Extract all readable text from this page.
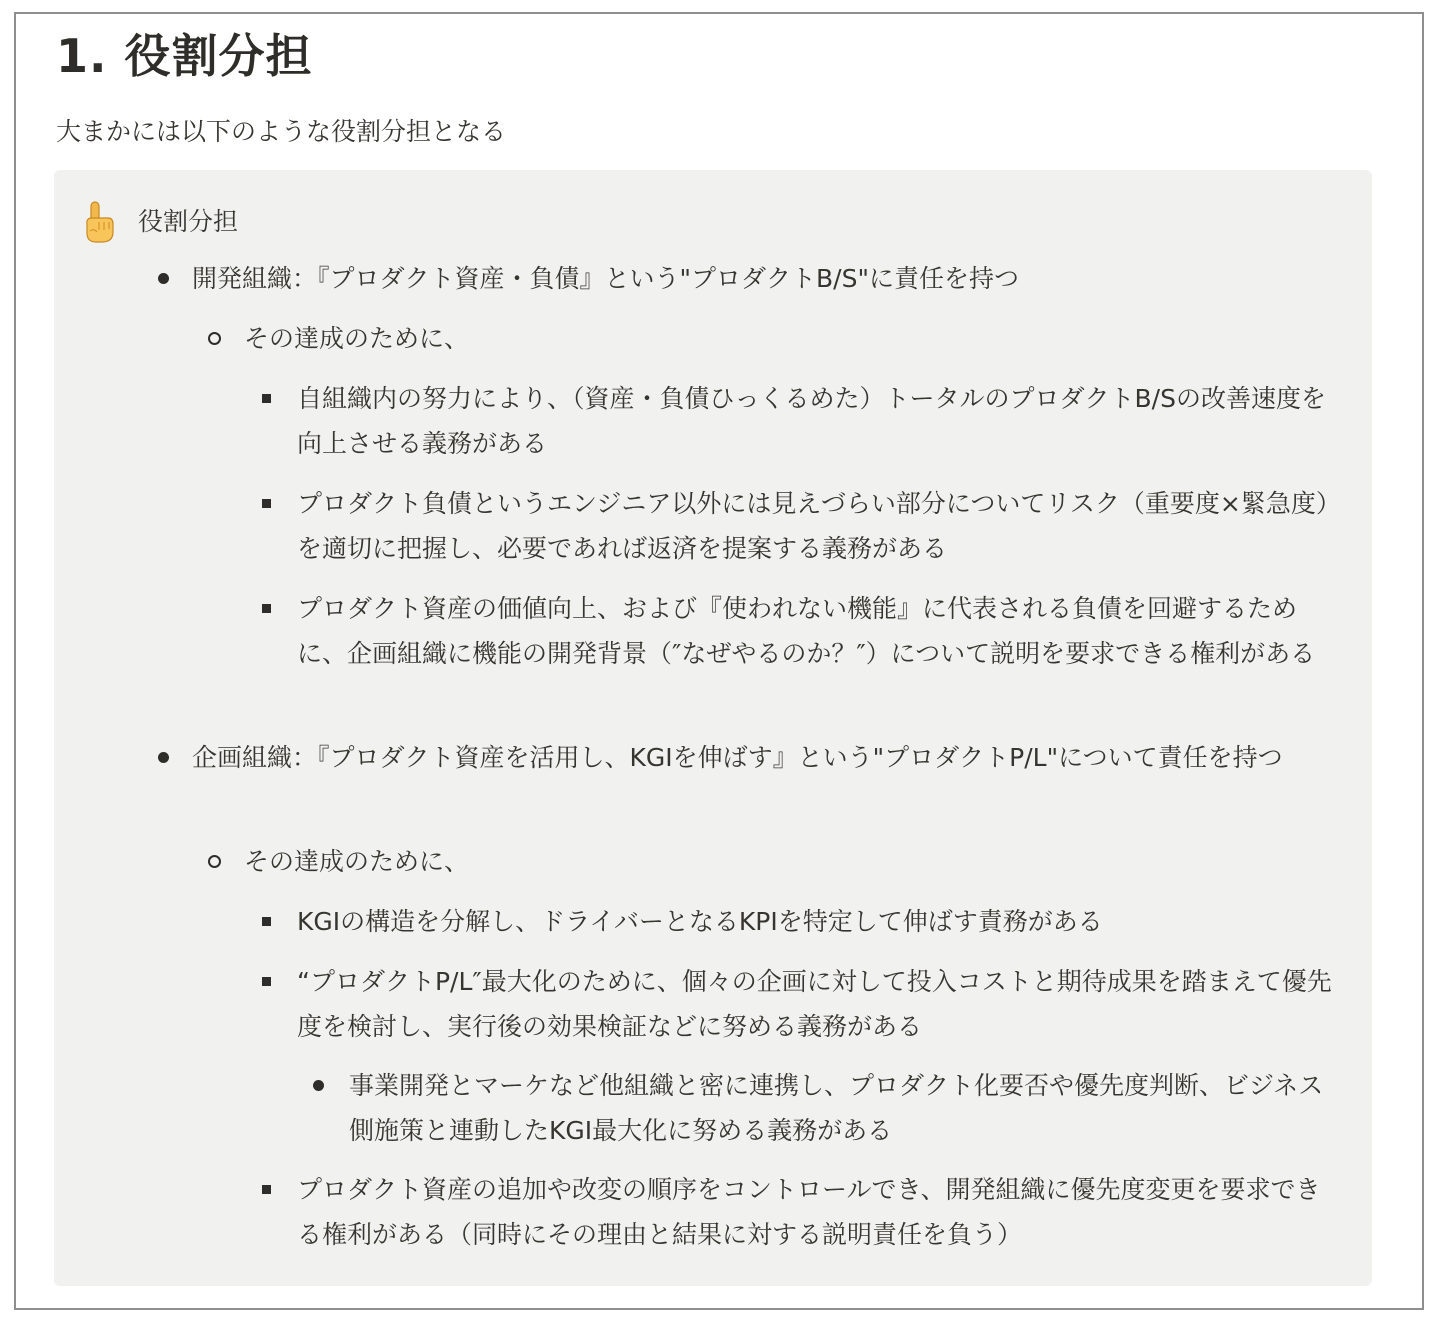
1. 役割分担
大まかには以下のような役割分担となる
役割分担
開発組織：『プロダクト資産・負債』という"プロダクトB/S"に責任を持つ
その達成のために、
自組織内の努力により、（資産・負債ひっくるめた）トータルのプロダクトB/Sの改善速度を向上させる義務がある
プロダクト負債というエンジニア以外には見えづらい部分についてリスク（重要度×緊急度）を適切に把握し、必要であれば返済を提案する義務がある
プロダクト資産の価値向上、および『使われない機能』に代表される負債を回避するために、企画組織に機能の開発背景（″なぜやるのか？″）について説明を要求できる権利がある
企画組織：『プロダクト資産を活用し、KGIを伸ばす』という"プロダクトP/L"について責任を持つ
その達成のために、
KGIの構造を分解し、ドライバーとなるKPIを特定して伸ばす責務がある
“プロダクトP/L″最大化のために、個々の企画に対して投入コストと期待成果を踏まえて優先度を検討し、実行後の効果検証などに努める義務がある
事業開発とマーケなど他組織と密に連携し、プロダクト化要否や優先度判断、ビジネス側施策と連動したKGI最大化に努める義務がある
プロダクト資産の追加や改変の順序をコントロールでき、開発組織に優先度変更を要求できる権利がある（同時にその理由と結果に対する説明責任を負う）
